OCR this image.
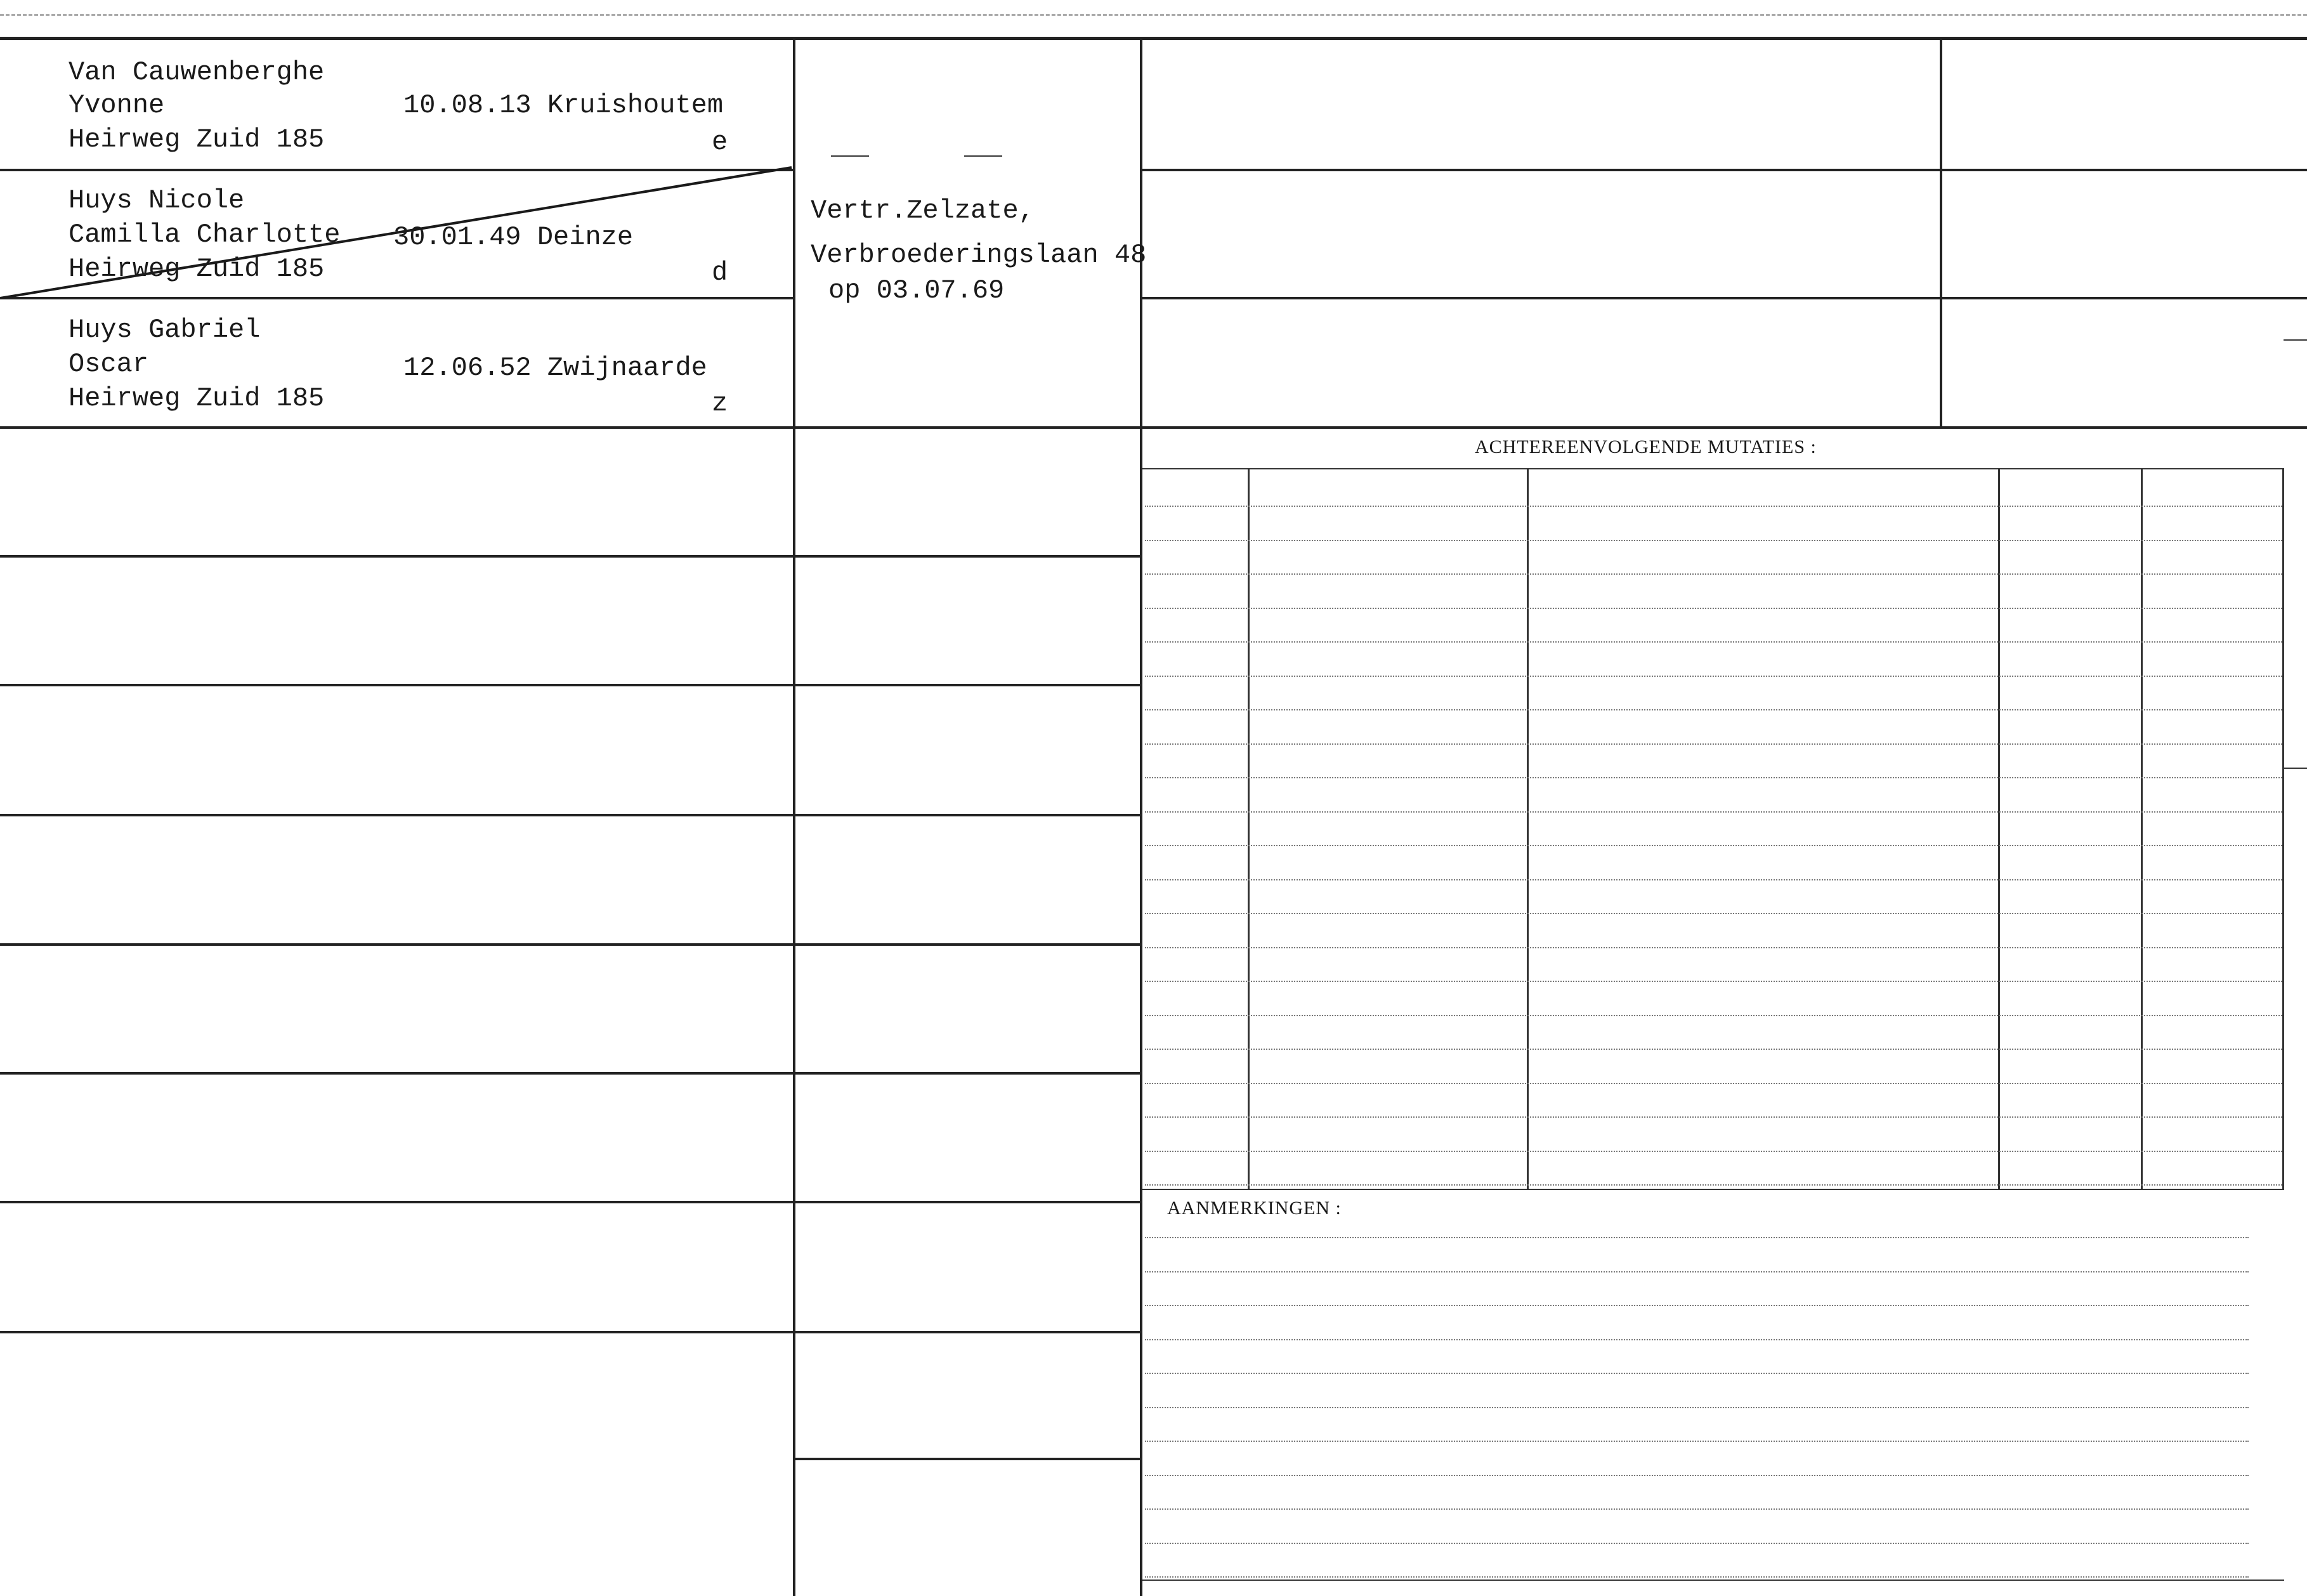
ACHTEREENVOLGENDE MUTATIES :
AANMERKINGEN :
Van Cauwenberghe
Yvonne
Heirweg Zuid 185
10.08.13 Kruishoutem
e
Huys Nicole
Camilla Charlotte
Heirweg Zuid 185
30.01.49 Deinze
d
Huys Gabriel
Oscar
Heirweg Zuid 185
12.06.52 Zwijnaarde
z
Vertr.Zelzate,
Verbroederingslaan 48
op 03.07.69
